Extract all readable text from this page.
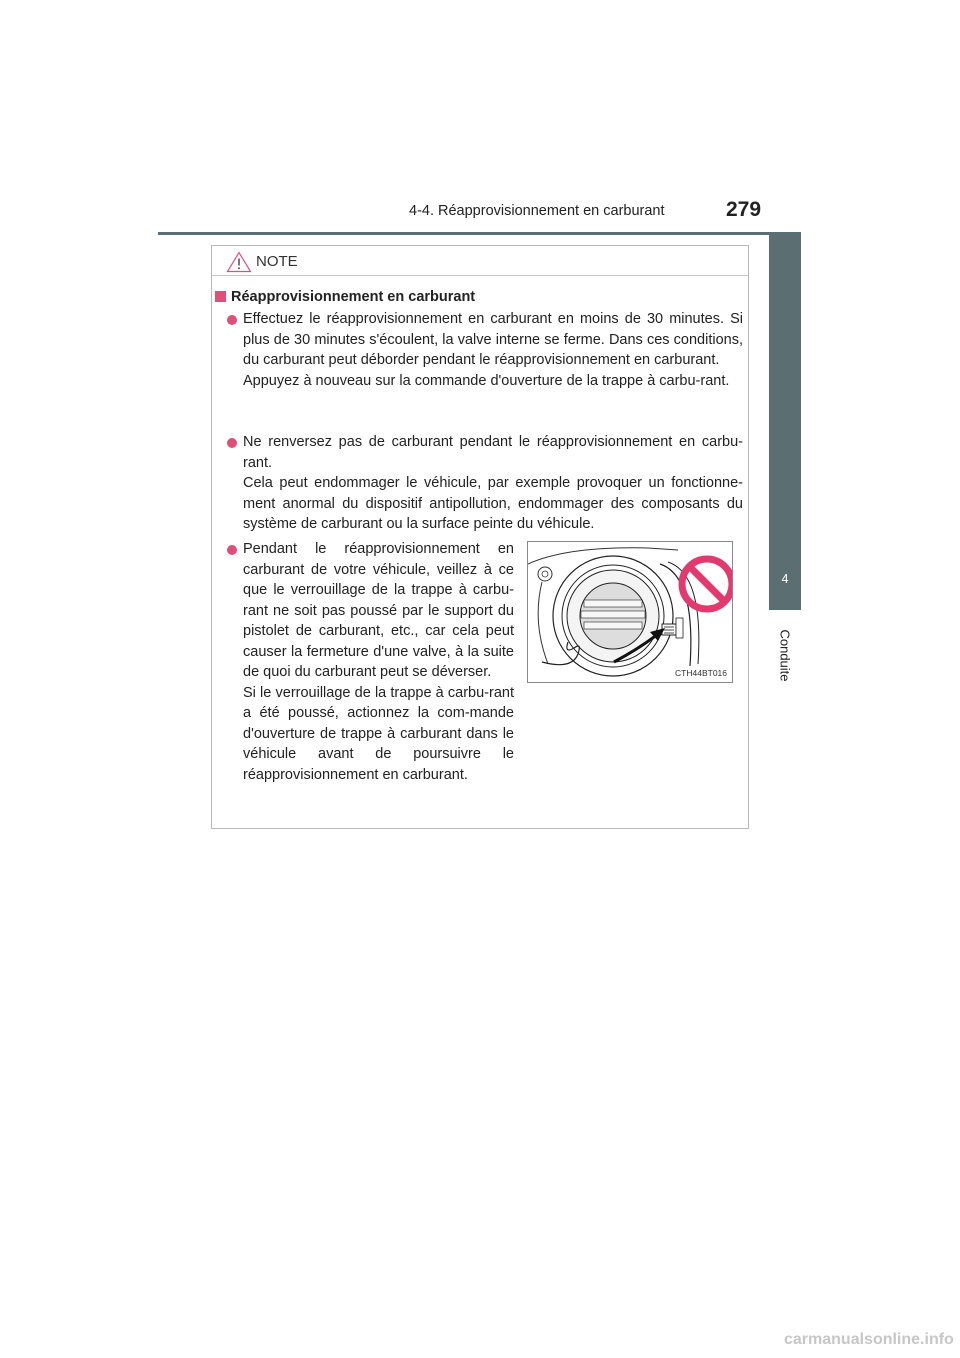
4-4. Réapprovisionnement en carburant	279
4
Conduite
NOTE
Réapprovisionnement en carburant
Effectuez le réapprovisionnement en carburant en moins de 30 minutes. Si plus de 30 minutes s'écoulent, la valve interne se ferme. Dans ces conditions, du carburant peut déborder pendant le réapprovisionnement en carburant.
Appuyez à nouveau sur la commande d'ouverture de la trappe à carbu-rant.
Ne renversez pas de carburant pendant le réapprovisionnement en carbu-rant.
Cela peut endommager le véhicule, par exemple provoquer un fonctionne-ment anormal du dispositif antipollution, endommager des composants du système de carburant ou la surface peinte du véhicule.
Pendant le réapprovisionnement en carburant de votre véhicule, veillez à ce que le verrouillage de la trappe à carbu-rant ne soit pas poussé par le support du pistolet de carburant, etc., car cela peut causer la fermeture d'une valve, à la suite de quoi du carburant peut se déverser.
Si le verrouillage de la trappe à carbu-rant a été poussé, actionnez la com-mande d'ouverture de trappe à carburant dans le véhicule avant de poursuivre le réapprovisionnement en carburant.
CTH44BT016
carmanualsonline.info
